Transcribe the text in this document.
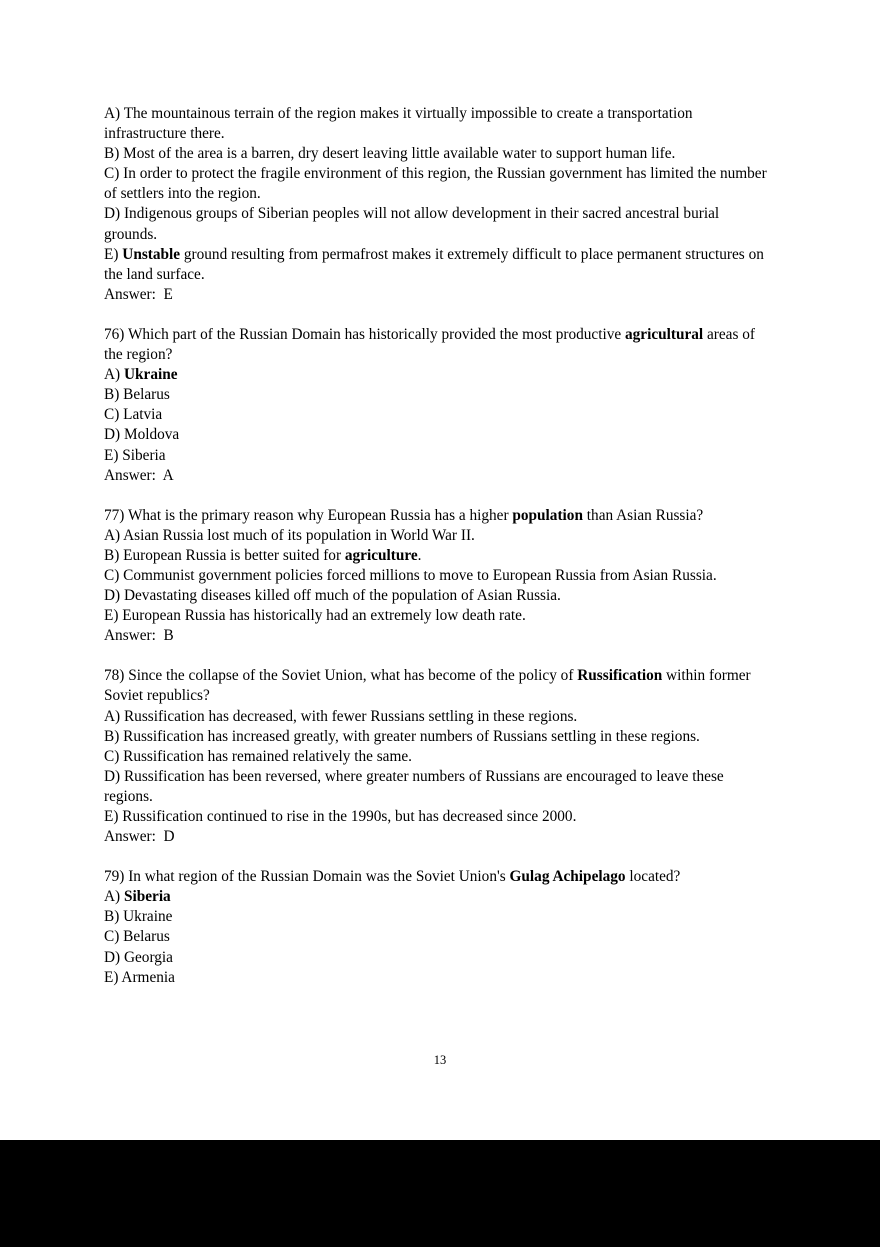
A) The mountainous terrain of the region makes it virtually impossible to create a transportation infrastructure there.
B) Most of the area is a barren, dry desert leaving little available water to support human life.
C) In order to protect the fragile environment of this region, the Russian government has limited the number of settlers into the region.
D) Indigenous groups of Siberian peoples will not allow development in their sacred ancestral burial grounds.
E) Unstable ground resulting from permafrost makes it extremely difficult to place permanent structures on the land surface.
Answer:  E
76) Which part of the Russian Domain has historically provided the most productive agricultural areas of the region?
A) Ukraine
B) Belarus
C) Latvia
D) Moldova
E) Siberia
Answer:  A
77) What is the primary reason why European Russia has a higher population than Asian Russia?
A) Asian Russia lost much of its population in World War II.
B) European Russia is better suited for agriculture.
C) Communist government policies forced millions to move to European Russia from Asian Russia.
D) Devastating diseases killed off much of the population of Asian Russia.
E) European Russia has historically had an extremely low death rate.
Answer:  B
78) Since the collapse of the Soviet Union, what has become of the policy of Russification within former Soviet republics?
A) Russification has decreased, with fewer Russians settling in these regions.
B) Russification has increased greatly, with greater numbers of Russians settling in these regions.
C) Russification has remained relatively the same.
D) Russification has been reversed, where greater numbers of Russians are encouraged to leave these regions.
E) Russification continued to rise in the 1990s, but has decreased since 2000.
Answer:  D
79) In what region of the Russian Domain was the Soviet Union's Gulag Achipelago located?
A) Siberia
B) Ukraine
C) Belarus
D) Georgia
E) Armenia
13
